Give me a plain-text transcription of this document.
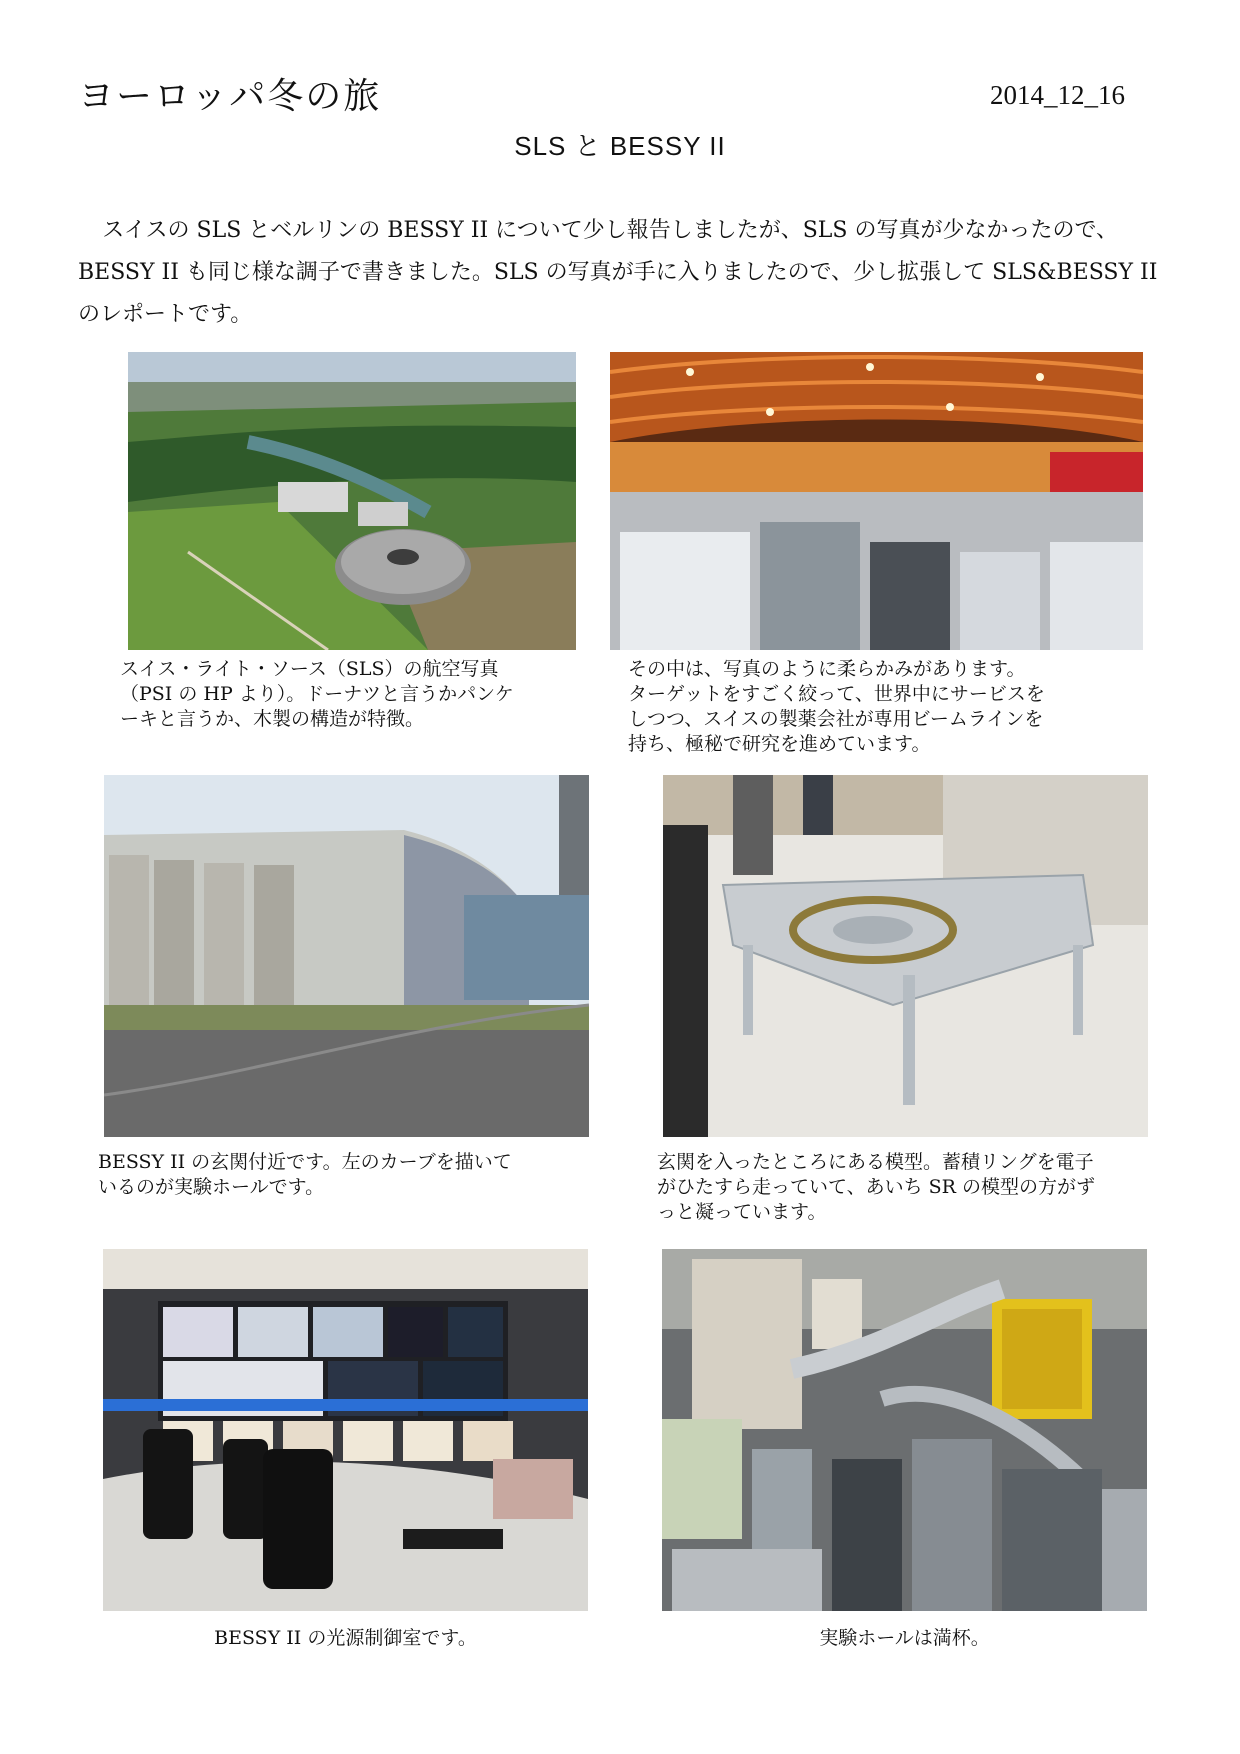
ヨーロッパ冬の旅	2014_12_16
SLS と BESSY II

スイスの SLS とベルリンの BESSY II について少し報告しましたが、SLS の写真が少なかったので、BESSY II も同じ様な調子で書きました。SLS の写真が手に入りましたので、少し拡張して SLS&BESSY II のレポートです。

スイス・ライト・ソース（SLS）の航空写真
（PSI の HP より）。ドーナツと言うかパンケ
ーキと言うか、木製の構造が特徴。
その中は、写真のように柔らかみがあります。
ターゲットをすごく絞って、世界中にサービスを
しつつ、スイスの製薬会社が専用ビームラインを
持ち、極秘で研究を進めています。
BESSY II の玄関付近です。左のカーブを描いて
いるのが実験ホールです。
玄関を入ったところにある模型。蓄積リングを電子
がひたすら走っていて、あいち SR の模型の方がず
っと凝っています。
BESSY II の光源制御室です。	実験ホールは満杯。
